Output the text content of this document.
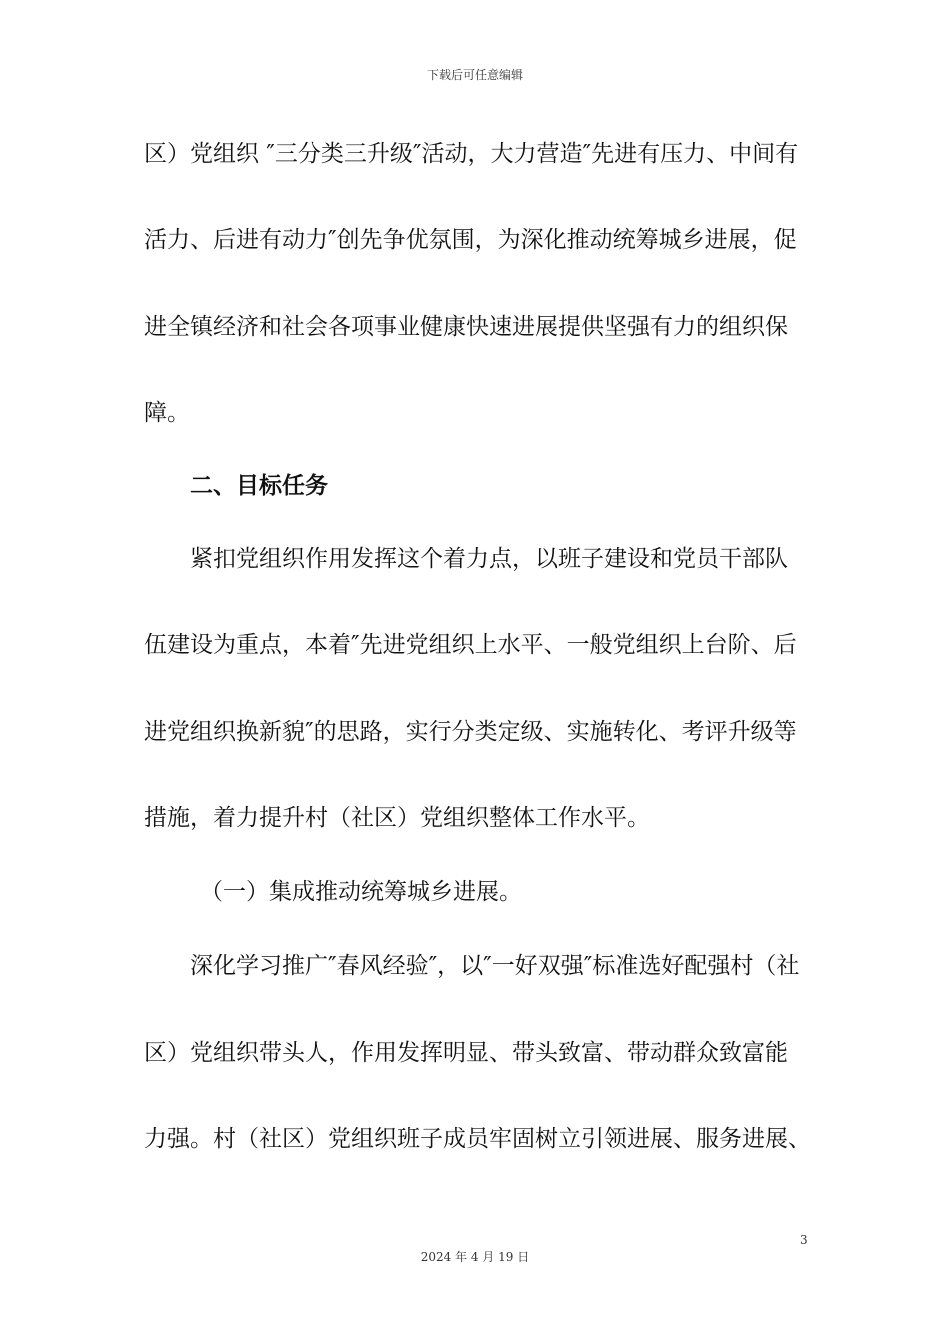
下载后可任意编辑
区）党组织 ″三分类三升级″活动，大力营造″先进有压力、中间有
活力、后进有动力″创先争优氛围，为深化推动统筹城乡进展，促
进全镇经济和社会各项事业健康快速进展提供坚强有力的组织保
障。
二、目标任务
紧扣党组织作用发挥这个着力点，以班子建设和党员干部队
伍建设为重点，本着″先进党组织上水平、一般党组织上台阶、后
进党组织换新貌″的思路，实行分类定级、实施转化、考评升级等
措施，着力提升村（社区）党组织整体工作水平。
（一）集成推动统筹城乡进展。
深化学习推广″春风经验″，以″一好双强″标准选好配强村（社
区）党组织带头人，作用发挥明显、带头致富、带动群众致富能
力强。村（社区）党组织班子成员牢固树立引领进展、服务进展、
3
2024 年 4 月 19 日
